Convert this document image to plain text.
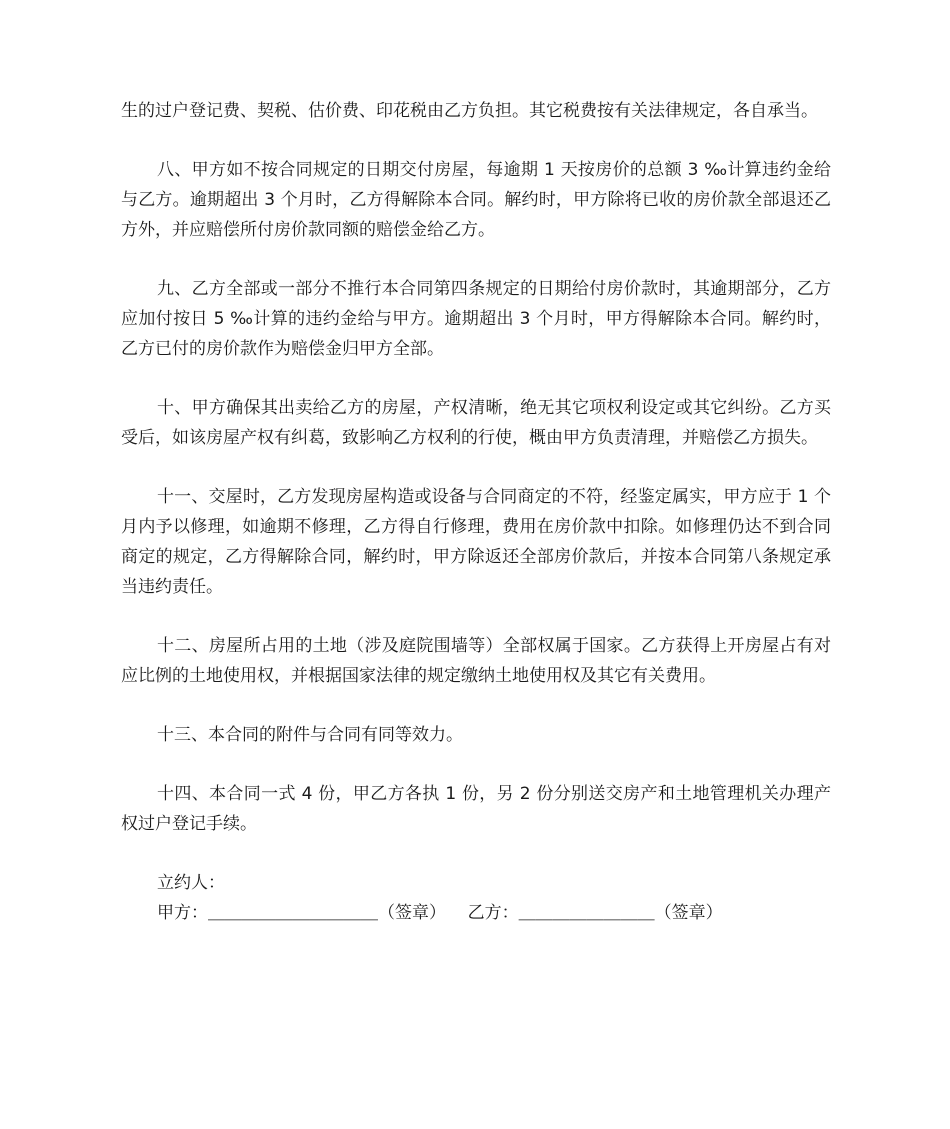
生的过户登记费、契税、估价费、印花税由乙方负担。其它税费按有关法律规定，各自承当。

八、甲方如不按合同规定的日期交付房屋，每逾期 1 天按房价的总额 3 ‰计算违约金给与乙方。逾期超出 3 个月时，乙方得解除本合同。解约时，甲方除将已收的房价款全部退还乙方外，并应赔偿所付房价款同额的赔偿金给乙方。

九、乙方全部或一部分不推行本合同第四条规定的日期给付房价款时，其逾期部分，乙方应加付按日 5 ‰计算的违约金给与甲方。逾期超出 3 个月时，甲方得解除本合同。解约时，乙方已付的房价款作为赔偿金归甲方全部。

十、甲方确保其出卖给乙方的房屋，产权清晰，绝无其它项权利设定或其它纠纷。乙方买受后，如该房屋产权有纠葛，致影响乙方权利的行使，概由甲方负责清理，并赔偿乙方损失。

十一、交屋时，乙方发现房屋构造或设备与合同商定的不符，经鉴定属实，甲方应于 1 个月内予以修理，如逾期不修理，乙方得自行修理，费用在房价款中扣除。如修理仍达不到合同商定的规定，乙方得解除合同，解约时，甲方除返还全部房价款后，并按本合同第八条规定承当违约责任。

十二、房屋所占用的土地（涉及庭院围墙等）全部权属于国家。乙方获得上开房屋占有对应比例的土地使用权，并根据国家法律的规定缴纳土地使用权及其它有关费用。

十三、本合同的附件与合同有同等效力。

十四、本合同一式 4 份，甲乙方各执 1 份，另 2 份分别送交房产和土地管理机关办理产权过户登记手续。

立约人：

甲方：＿＿＿＿＿＿＿＿＿＿（签章） 乙方：＿＿＿＿＿＿＿＿（签章）
